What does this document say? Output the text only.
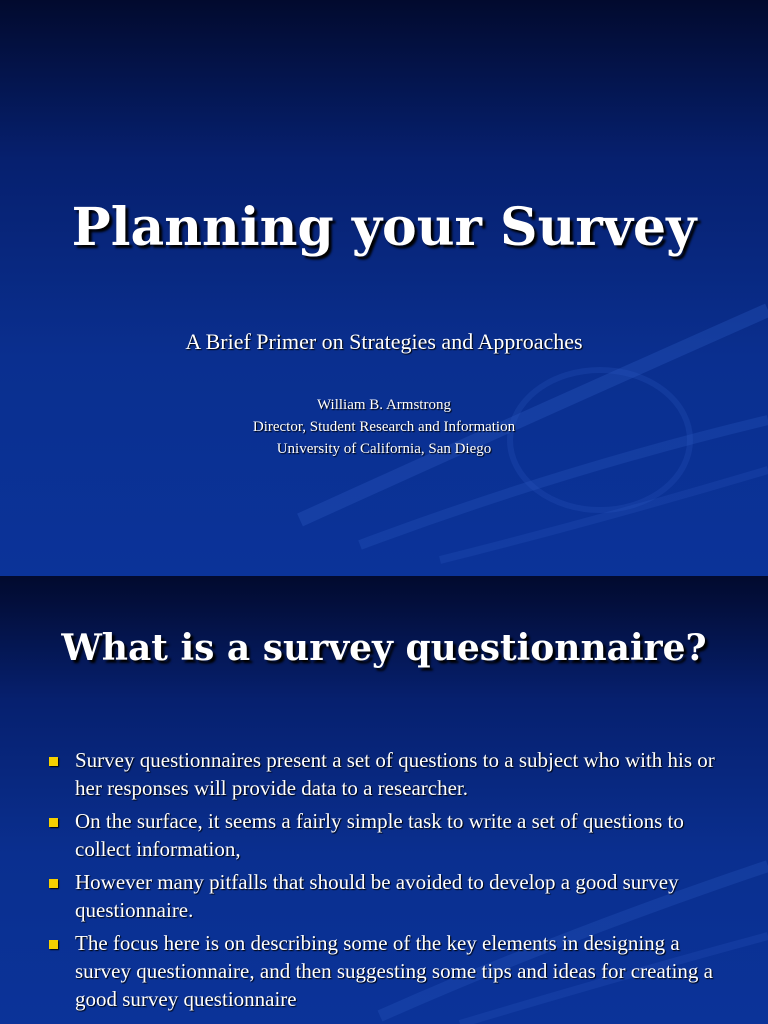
Planning your Survey
A Brief Primer on Strategies and Approaches
William B. Armstrong
Director, Student Research and Information
University of California, San Diego
What is a survey questionnaire?
Survey questionnaires present a set of questions to a subject who with his or her responses will provide data to a researcher.
On the surface, it seems a fairly simple task to write a set of questions to collect information,
However many pitfalls that should be avoided to develop a good survey questionnaire.
The focus here is on describing some of the key elements in designing a survey questionnaire, and then suggesting some tips and ideas for creating a good survey questionnaire
